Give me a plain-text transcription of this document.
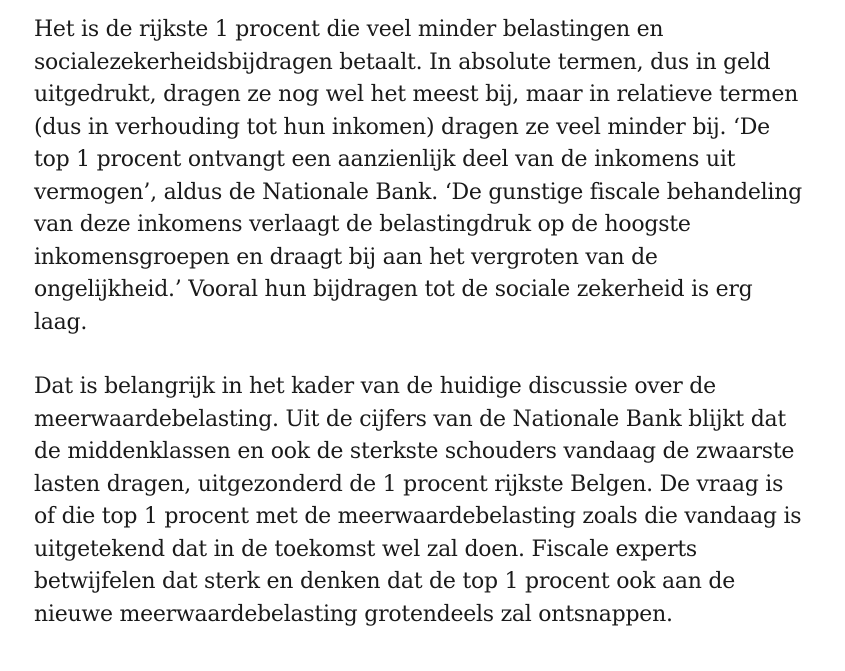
Het is de rijkste 1 procent die veel minder belastingen en
socialezekerheidsbijdragen betaalt. In absolute termen, dus in geld
uitgedrukt, dragen ze nog wel het meest bij, maar in relatieve termen
(dus in verhouding tot hun inkomen) dragen ze veel minder bij. ‘De
top 1 procent ontvangt een aanzienlijk deel van de inkomens uit
vermogen’, aldus de Nationale Bank. ‘De gunstige fiscale behandeling
van deze inkomens verlaagt de belastingdruk op de hoogste
inkomensgroepen en draagt bij aan het vergroten van de
ongelijkheid.’ Vooral hun bijdragen tot de sociale zekerheid is erg
laag.

Dat is belangrijk in het kader van de huidige discussie over de
meerwaardebelasting. Uit de cijfers van de Nationale Bank blijkt dat
de middenklassen en ook de sterkste schouders vandaag de zwaarste
lasten dragen, uitgezonderd de 1 procent rijkste Belgen. De vraag is
of die top 1 procent met de meerwaardebelasting zoals die vandaag is
uitgetekend dat in de toekomst wel zal doen. Fiscale experts
betwijfelen dat sterk en denken dat de top 1 procent ook aan de
nieuwe meerwaardebelasting grotendeels zal ontsnappen.
